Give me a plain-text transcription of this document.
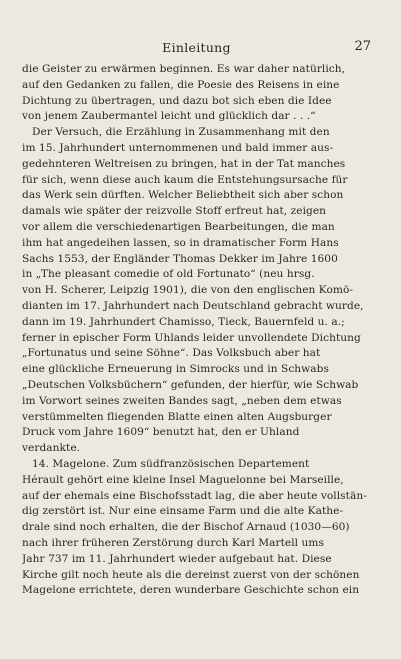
Einleitung	27
die Geister zu erwärmen beginnen. Es war daher natürlich,
auf den Gedanken zu fallen, die Poesie des Reisens in eine
Dichtung zu übertragen, und dazu bot sich eben die Idee
von jenem Zaubermantel leicht und glücklich dar . . .“
Der Versuch, die Erzählung in Zusammenhang mit den
im 15. Jahrhundert unternommenen und bald immer aus-
gedehnteren Weltreisen zu bringen, hat in der Tat manches
für sich, wenn diese auch kaum die Entstehungsursache für
das Werk sein dürften. Welcher Beliebtheit sich aber schon
damals wie später der reizvolle Stoff erfreut hat, zeigen
vor allem die verschiedenartigen Bearbeitungen, die man
ihm hat angedeihen lassen, so in dramatischer Form Hans
Sachs 1553, der Engländer Thomas Dekker im Jahre 1600
in „The pleasant comedie of old Fortunato“ (neu hrsg.
von H. Scherer, Leipzig 1901), die von den englischen Komö-
dianten im 17. Jahrhundert nach Deutschland gebracht wurde,
dann im 19. Jahrhundert Chamisso, Tieck, Bauernfeld u. a.;
ferner in epischer Form Uhlands leider unvollendete Dichtung
„Fortunatus und seine Söhne“. Das Volksbuch aber hat
eine glückliche Erneuerung in Simrocks und in Schwabs
„Deutschen Volksbüchern“ gefunden, der hierfür, wie Schwab
im Vorwort seines zweiten Bandes sagt, „neben dem etwas
verstümmelten fliegenden Blatte einen alten Augsburger
Druck vom Jahre 1609“ benutzt hat, den er Uhland
verdankte.
14. Magelone. Zum südfranzösischen Departement
Hérault gehört eine kleine Insel Maguelonne bei Marseille,
auf der ehemals eine Bischofsstadt lag, die aber heute vollstän-
dig zerstört ist. Nur eine einsame Farm und die alte Kathe-
drale sind noch erhalten, die der Bischof Arnaud (1030—60)
nach ihrer früheren Zerstörung durch Karl Martell ums
Jahr 737 im 11. Jahrhundert wieder aufgebaut hat. Diese
Kirche gilt noch heute als die dereinst zuerst von der schönen
Magelone errichtete, deren wunderbare Geschichte schon ein
